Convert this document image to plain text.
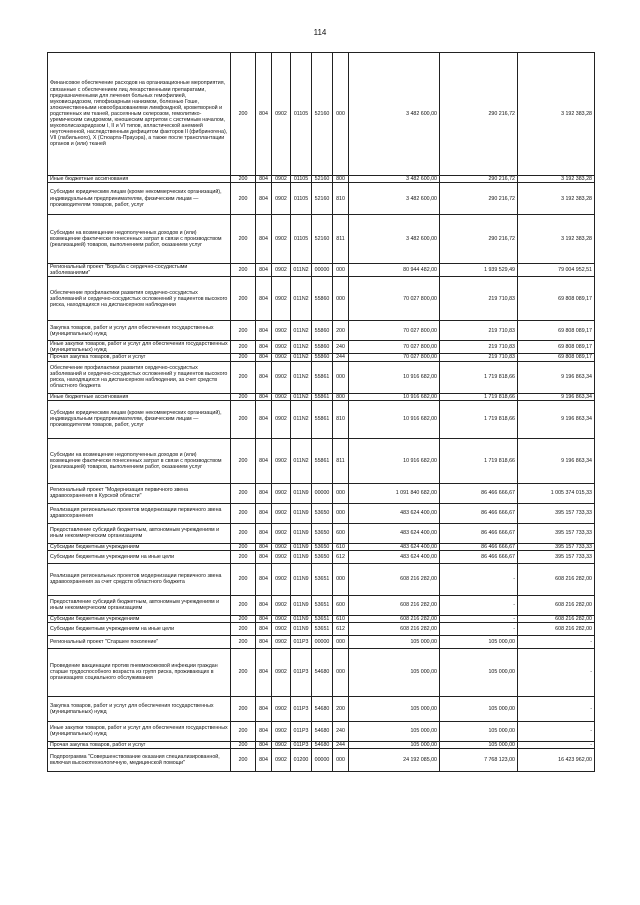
114
Финансовое обеспечение расходов на организационные мероприятия, связанные с обеспечением лиц лекарственными препаратами, предназначенными для лечения больных гемофилией, муковисцидозом, гипофизарным нанизмом, болезнью Гоше, злокачественными новообразованиями лимфоидной, кроветворной и родственных им тканей, рассеянным склерозом, гемолитико-уремическим синдромом, юношеским артритом с системным началом, мукополисахаридозом I, II и VI типов, апластической анемией неуточненной, наследственным дефицитом факторов II (фибриногена), VII (лабильного), X (Стюарта-Прауэра), а также после трансплантации органов и (или) тканей	200	804	0902	01105	52160	000	3 482 600,00	290 216,72	3 192 383,28
Иные бюджетные ассигнования	200	804	0902	01105	52160	800	3 482 600,00	290 216,72	3 192 383,28
Субсидии юридическим лицам (кроме некоммерческих организаций), индивидуальным предпринимателям, физическим лицам — производителям товаров, работ, услуг	200	804	0902	01105	52160	810	3 482 600,00	290 216,72	3 192 383,28
Субсидии на возмещение недополученных доходов и (или) возмещение фактически понесенных затрат в связи с производством (реализацией) товаров, выполнением работ, оказанием услуг	200	804	0902	01105	52160	811	3 482 600,00	290 216,72	3 192 383,28
Региональный проект "Борьба с сердечно-сосудистыми заболеваниями"	200	804	0902	011N2	00000	000	80 944 482,00	1 939 529,49	79 004 952,51
Обеспечение профилактики развития сердечно-сосудистых заболеваний и сердечно-сосудистых осложнений у пациентов высокого риска, находящихся на диспансерном наблюдении	200	804	0902	011N2	55860	000	70 027 800,00	219 710,83	69 808 089,17
Закупка товаров, работ и услуг для обеспечения государственных (муниципальных) нужд	200	804	0902	011N2	55860	200	70 027 800,00	219 710,83	69 808 089,17
Иные закупки товаров, работ и услуг для обеспечения государственных (муниципальных) нужд	200	804	0902	011N2	55860	240	70 027 800,00	219 710,83	69 808 089,17
Прочая закупка товаров, работ и услуг	200	804	0902	011N2	55860	244	70 027 800,00	219 710,83	69 808 089,17
Обеспечение профилактики развития сердечно-сосудистых заболеваний и сердечно-сосудистых осложнений у пациентов высокого риска, находящихся на диспансерном наблюдении, за счет средств областного бюджета	200	804	0902	011N2	55861	000	10 916 682,00	1 719 818,66	9 196 863,34
Иные бюджетные ассигнования	200	804	0902	011N2	55861	800	10 916 682,00	1 719 818,66	9 196 863,34
Субсидии юридическим лицам (кроме некоммерческих организаций), индивидуальным предпринимателям, физическим лицам — производителям товаров, работ, услуг	200	804	0902	011N2	55861	810	10 916 682,00	1 719 818,66	9 196 863,34
Субсидии на возмещение недополученных доходов и (или) возмещение фактически понесенных затрат в связи с производством (реализацией) товаров, выполнением работ, оказанием услуг	200	804	0902	011N2	55861	811	10 916 682,00	1 719 818,66	9 196 863,34
Региональный проект "Модернизация первичного звена здравоохранения в Курской области"	200	804	0902	011N9	00000	000	1 091 840 682,00	86 466 666,67	1 005 374 015,33
Реализация региональных проектов модернизации первичного звена здравоохранения	200	804	0902	011N9	53650	000	483 624 400,00	86 466 666,67	395 157 733,33
Предоставление субсидий бюджетным, автономным учреждениям и иным некоммерческим организациям	200	804	0902	011N9	53650	600	483 624 400,00	86 466 666,67	395 157 733,33
Субсидии бюджетным учреждениям	200	804	0902	011N9	53650	610	483 624 400,00	86 466 666,67	395 157 733,33
Субсидии бюджетным учреждениям на иные цели	200	804	0902	011N9	53650	612	483 624 400,00	86 466 666,67	395 157 733,33
Реализация региональных проектов модернизации первичного звена здравоохранения за счет средств областного бюджета	200	804	0902	011N9	53651	000	608 216 282,00	-	608 216 282,00
Предоставление субсидий бюджетным, автономным учреждениям и иным некоммерческим организациям	200	804	0902	011N9	53651	600	608 216 282,00	-	608 216 282,00
Субсидии бюджетным учреждениям	200	804	0902	011N9	53651	610	608 216 282,00	-	608 216 282,00
Субсидии бюджетным учреждениям на иные цели	200	804	0902	011N9	53651	612	608 216 282,00	-	608 216 282,00
Региональный проект "Старшее поколение"	200	804	0902	011P3	00000	000	105 000,00	105 000,00	-
Проведение вакцинации против пневмококковой инфекции граждан старше трудоспособного возраста из групп риска, проживающих в организациях социального обслуживания	200	804	0902	011P3	54680	000	105 000,00	105 000,00	-
Закупка товаров, работ и услуг для обеспечения государственных (муниципальных) нужд	200	804	0902	011P3	54680	200	105 000,00	105 000,00	-
Иные закупки товаров, работ и услуг для обеспечения государственных (муниципальных) нужд	200	804	0902	011P3	54680	240	105 000,00	105 000,00	-
Прочая закупка товаров, работ и услуг	200	804	0902	011P3	54680	244	105 000,00	105 000,00	-
Подпрограмма "Совершенствование оказания специализированной, включая высокотехнологичную, медицинской помощи"	200	804	0902	01200	00000	000	24 192 085,00	7 768 123,00	16 423 962,00
